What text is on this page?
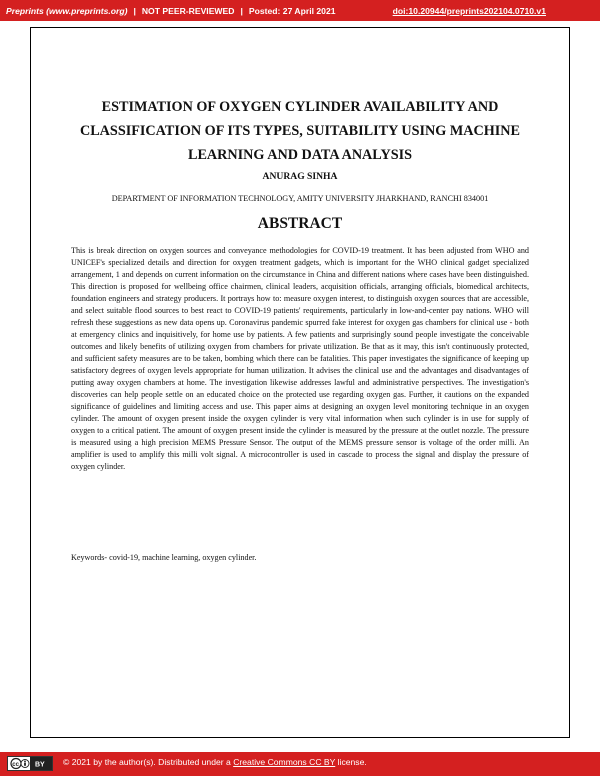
Preprints (www.preprints.org) | NOT PEER-REVIEWED | Posted: 27 April 2021	doi:10.20944/preprints202104.0710.v1
ESTIMATION OF OXYGEN CYLINDER AVAILABILITY AND CLASSIFICATION OF ITS TYPES, SUITABILITY USING MACHINE LEARNING AND DATA ANALYSIS
ANURAG SINHA
DEPARTMENT OF INFORMATION TECHNOLOGY, AMITY UNIVERSITY JHARKHAND, RANCHI 834001
ABSTRACT
This is break direction on oxygen sources and conveyance methodologies for COVID-19 treatment. It has been adjusted from WHO and UNICEF's specialized details and direction for oxygen treatment gadgets, which is important for the WHO clinical gadget specialized arrangement, 1 and depends on current information on the circumstance in China and different nations where cases have been distinguished. This direction is proposed for wellbeing office chairmen, clinical leaders, acquisition officials, arranging officials, biomedical architects, foundation engineers and strategy producers. It portrays how to: measure oxygen interest, to distinguish oxygen sources that are accessible, and select suitable flood sources to best react to COVID-19 patients' requirements, particularly in low-and-center pay nations. WHO will refresh these suggestions as new data opens up. Coronavirus pandemic spurred fake interest for oxygen gas chambers for clinical use - both at emergency clinics and inquisitively, for home use by patients. A few patients and surprisingly sound people investigate the conceivable outcomes and likely benefits of utilizing oxygen from chambers for private utilization. Be that as it may, this isn't continuously protected, and sufficient safety measures are to be taken, bombing which there can be fatalities. This paper investigates the significance of keeping up satisfactory degrees of oxygen levels appropriate for human utilization. It advises the clinical use and the advantages and disadvantages of putting away oxygen chambers at home. The investigation likewise addresses lawful and administrative perspectives. The investigation's discoveries can help people settle on an educated choice on the protected use regarding oxygen gas. Further, it cautions on the expanded significance of guidelines and limiting access and use. This paper aims at designing an oxygen level monitoring technique in an oxygen cylinder. The amount of oxygen present inside the oxygen cylinder is very vital information when such cylinder is in use for supply of oxygen to a critical patient. The amount of oxygen present inside the cylinder is measured by the pressure at the outlet nozzle. The pressure is measured using a high precision MEMS Pressure Sensor. The output of the MEMS pressure sensor is voltage of the order milli. An amplifier is used to amplify this milli volt signal. A microcontroller is used in cascade to process the signal and display the pressure of oxygen cylinder.
Keywords- covid-19, machine learning, oxygen cylinder.
cc BY © 2021 by the author(s). Distributed under a Creative Commons CC BY license.
